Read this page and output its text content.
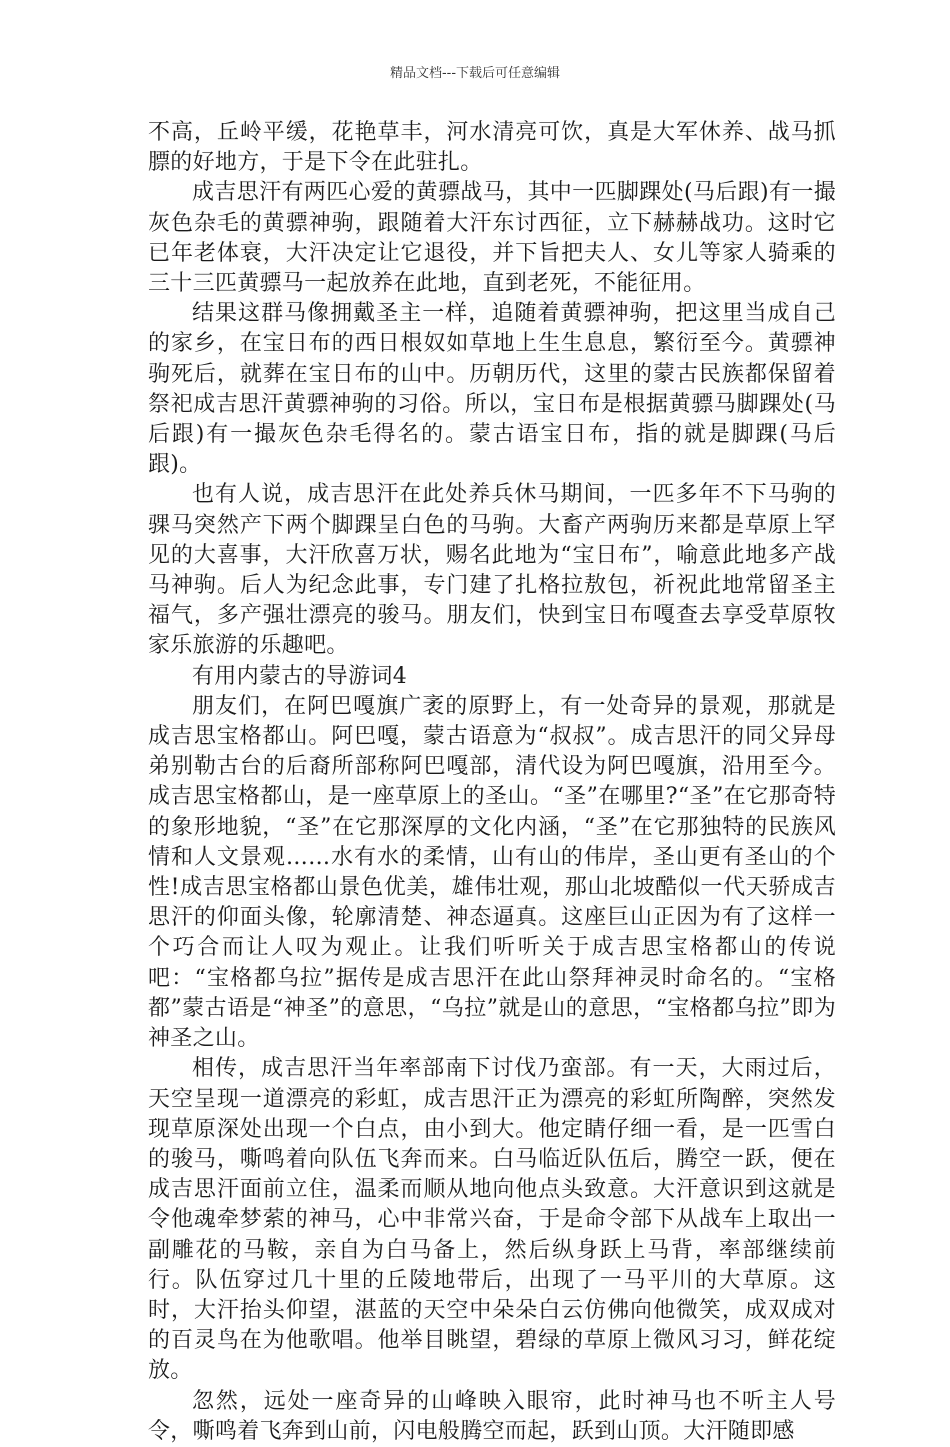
精品文档---下载后可任意编辑

不高，丘岭平缓，花艳草丰，河水清亮可饮，真是大军休养、战马抓膘的好地方，于是下令在此驻扎。

成吉思汗有两匹心爱的黄骠战马，其中一匹脚踝处(马后跟)有一撮灰色杂毛的黄骠神驹，跟随着大汗东讨西征，立下赫赫战功。这时它已年老体衰，大汗决定让它退役，并下旨把夫人、女儿等家人骑乘的三十三匹黄骠马一起放养在此地，直到老死，不能征用。

结果这群马像拥戴圣主一样，追随着黄骠神驹，把这里当成自己的家乡，在宝日布的西日根奴如草地上生生息息，繁衍至今。黄骠神驹死后，就葬在宝日布的山中。历朝历代，这里的蒙古民族都保留着祭祀成吉思汗黄骠神驹的习俗。所以，宝日布是根据黄骠马脚踝处(马后跟)有一撮灰色杂毛得名的。蒙古语宝日布，指的就是脚踝(马后跟)。

也有人说，成吉思汗在此处养兵休马期间，一匹多年不下马驹的骒马突然产下两个脚踝呈白色的马驹。大畜产两驹历来都是草原上罕见的大喜事，大汗欣喜万状，赐名此地为“宝日布”，喻意此地多产战马神驹。后人为纪念此事，专门建了扎格拉敖包，祈祝此地常留圣主福气，多产强壮漂亮的骏马。朋友们，快到宝日布嘎查去享受草原牧家乐旅游的乐趣吧。

有用内蒙古的导游词4

朋友们，在阿巴嘎旗广袤的原野上，有一处奇异的景观，那就是成吉思宝格都山。阿巴嘎，蒙古语意为“叔叔”。成吉思汗的同父异母弟别勒古台的后裔所部称阿巴嘎部，清代设为阿巴嘎旗，沿用至今。成吉思宝格都山，是一座草原上的圣山。“圣”在哪里?“圣”在它那奇特的象形地貌，“圣”在它那深厚的文化内涵，“圣”在它那独特的民族风情和人文景观……水有水的柔情，山有山的伟岸，圣山更有圣山的个性!成吉思宝格都山景色优美，雄伟壮观，那山北坡酷似一代天骄成吉思汗的仰面头像，轮廓清楚、神态逼真。这座巨山正因为有了这样一个巧合而让人叹为观止。让我们听听关于成吉思宝格都山的传说吧：“宝格都乌拉”据传是成吉思汗在此山祭拜神灵时命名的。“宝格都”蒙古语是“神圣”的意思，“乌拉”就是山的意思，“宝格都乌拉”即为神圣之山。

相传，成吉思汗当年率部南下讨伐乃蛮部。有一天，大雨过后，天空呈现一道漂亮的彩虹，成吉思汗正为漂亮的彩虹所陶醉，突然发现草原深处出现一个白点，由小到大。他定睛仔细一看，是一匹雪白的骏马，嘶鸣着向队伍飞奔而来。白马临近队伍后，腾空一跃，便在成吉思汗面前立住，温柔而顺从地向他点头致意。大汗意识到这就是令他魂牵梦萦的神马，心中非常兴奋，于是命令部下从战车上取出一副雕花的马鞍，亲自为白马备上，然后纵身跃上马背，率部继续前行。队伍穿过几十里的丘陵地带后，出现了一马平川的大草原。这时，大汗抬头仰望，湛蓝的天空中朵朵白云仿佛向他微笑，成双成对的百灵鸟在为他歌唱。他举目眺望，碧绿的草原上微风习习，鲜花绽放。

忽然，远处一座奇异的山峰映入眼帘，此时神马也不听主人号令，嘶鸣着飞奔到山前，闪电般腾空而起，跃到山顶。大汗随即感
